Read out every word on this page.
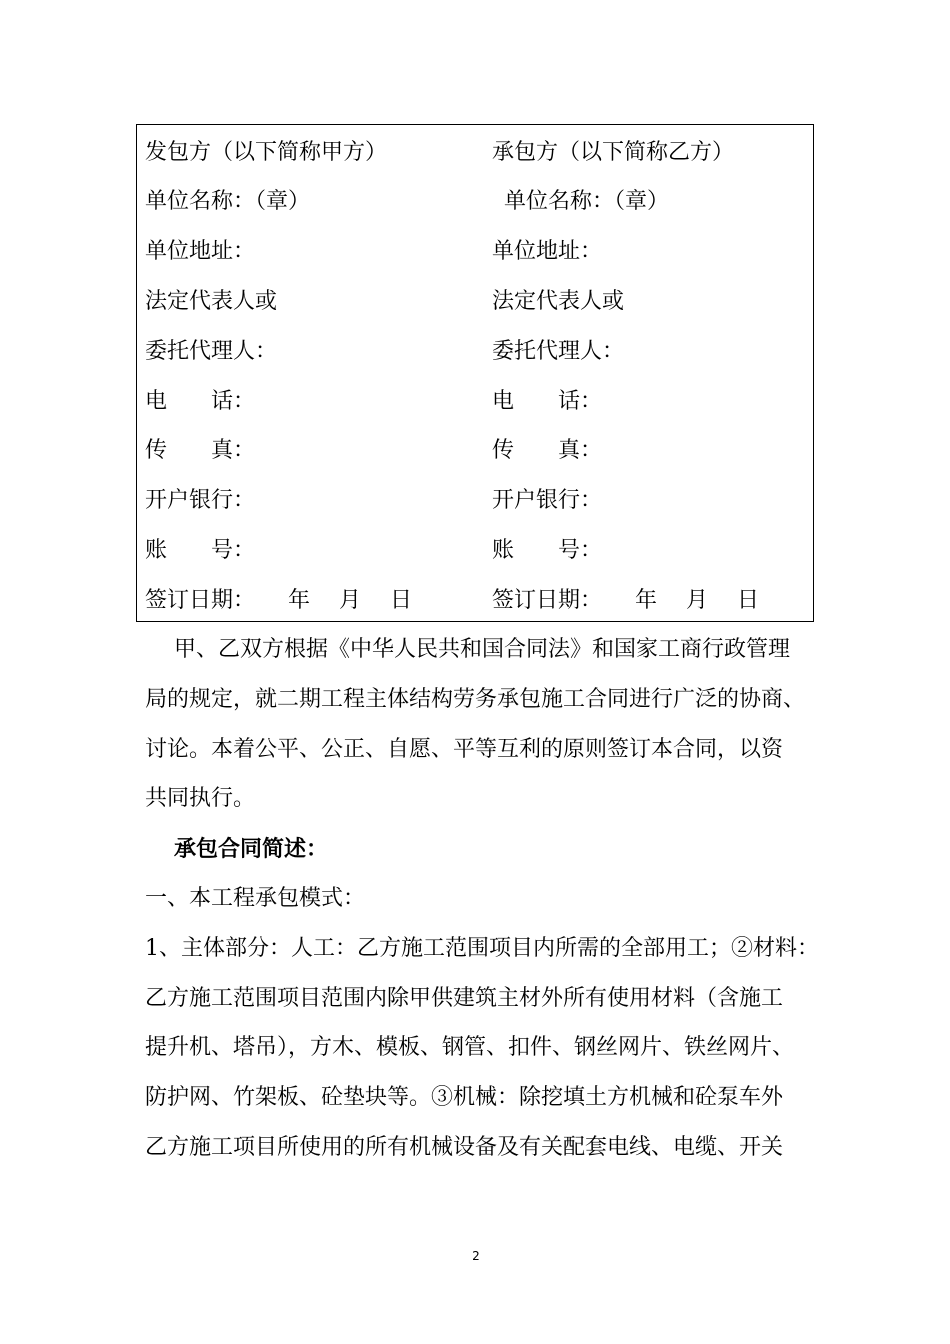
发包方（以下简称甲方）
单位名称：（章）
单位地址：
法定代表人或
委托代理人：
电　　话：
传　　真：
开户银行：
账　　号：
签订日期：　　年　 月　 日
承包方（以下简称乙方）
单位名称：（章）
单位地址：
法定代表人或
委托代理人：
电　　话：
传　　真：
开户银行：
账　　号：
签订日期：　　年　 月　 日
甲、乙双方根据《中华人民共和国合同法》和国家工商行政管理
局的规定，就二期工程主体结构劳务承包施工合同进行广泛的协商、
讨论。本着公平、公正、自愿、平等互利的原则签订本合同，以资
共同执行。
承包合同简述：
一、本工程承包模式：
1、主体部分：人工：乙方施工范围项目内所需的全部用工；②材料：
乙方施工范围项目范围内除甲供建筑主材外所有使用材料（含施工
提升机、塔吊），方木、模板、钢管、扣件、钢丝网片、铁丝网片、
防护网、竹架板、砼垫块等。③机械：除挖填土方机械和砼泵车外
乙方施工项目所使用的所有机械设备及有关配套电线、电缆、开关
2
